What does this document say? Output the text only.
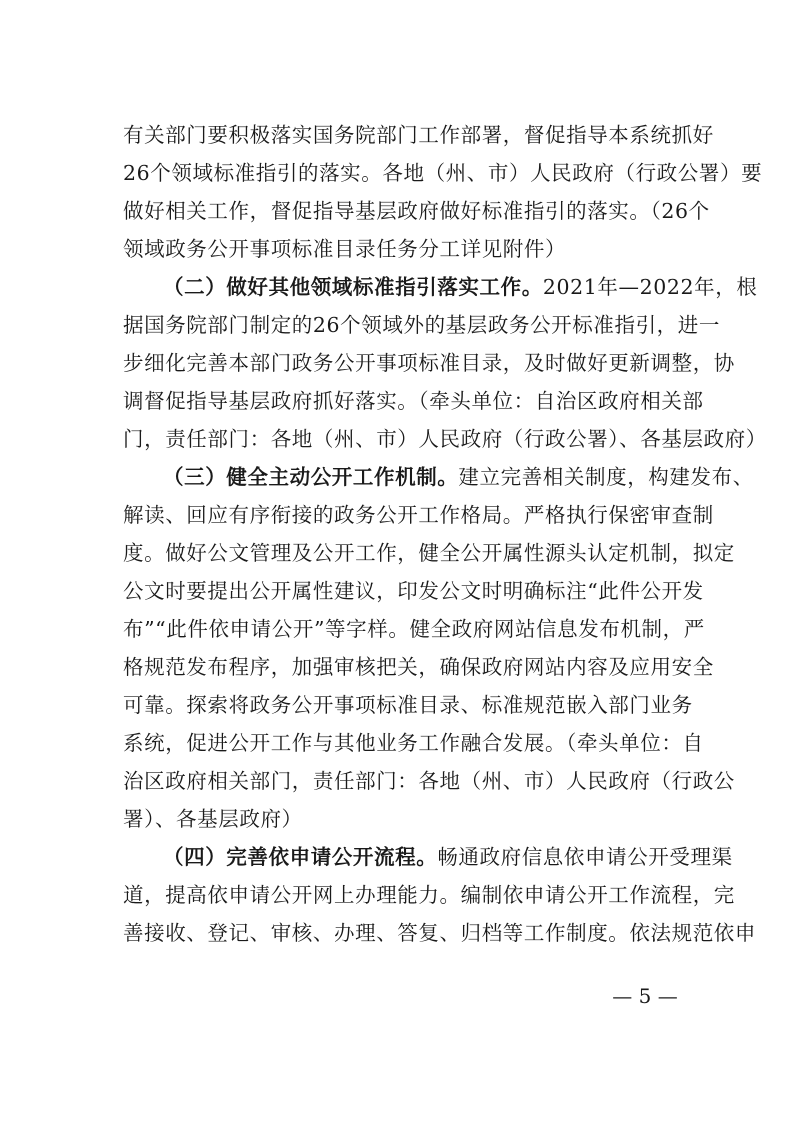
有关部门要积极落实国务院部门工作部署，督促指导本系统抓好
26个领域标准指引的落实。各地（州、市）人民政府（行政公署）要
做好相关工作，督促指导基层政府做好标准指引的落实。（26个
领域政务公开事项标准目录任务分工详见附件）
（二）做好其他领域标准指引落实工作。2021年—2022年，根
据国务院部门制定的26个领域外的基层政务公开标准指引，进一
步细化完善本部门政务公开事项标准目录，及时做好更新调整，协
调督促指导基层政府抓好落实。（牵头单位：自治区政府相关部
门，责任部门：各地（州、市）人民政府（行政公署）、各基层政府）
（三）健全主动公开工作机制。建立完善相关制度，构建发布、
解读、回应有序衔接的政务公开工作格局。严格执行保密审查制
度。做好公文管理及公开工作，健全公开属性源头认定机制，拟定
公文时要提出公开属性建议，印发公文时明确标注“此件公开发
布”“此件依申请公开”等字样。健全政府网站信息发布机制，严
格规范发布程序，加强审核把关，确保政府网站内容及应用安全
可靠。探索将政务公开事项标准目录、标准规范嵌入部门业务
系统，促进公开工作与其他业务工作融合发展。（牵头单位：自
治区政府相关部门，责任部门：各地（州、市）人民政府（行政公
署）、各基层政府）
（四）完善依申请公开流程。畅通政府信息依申请公开受理渠
道，提高依申请公开网上办理能力。编制依申请公开工作流程，完
善接收、登记、审核、办理、答复、归档等工作制度。依法规范依申
— 5 —
